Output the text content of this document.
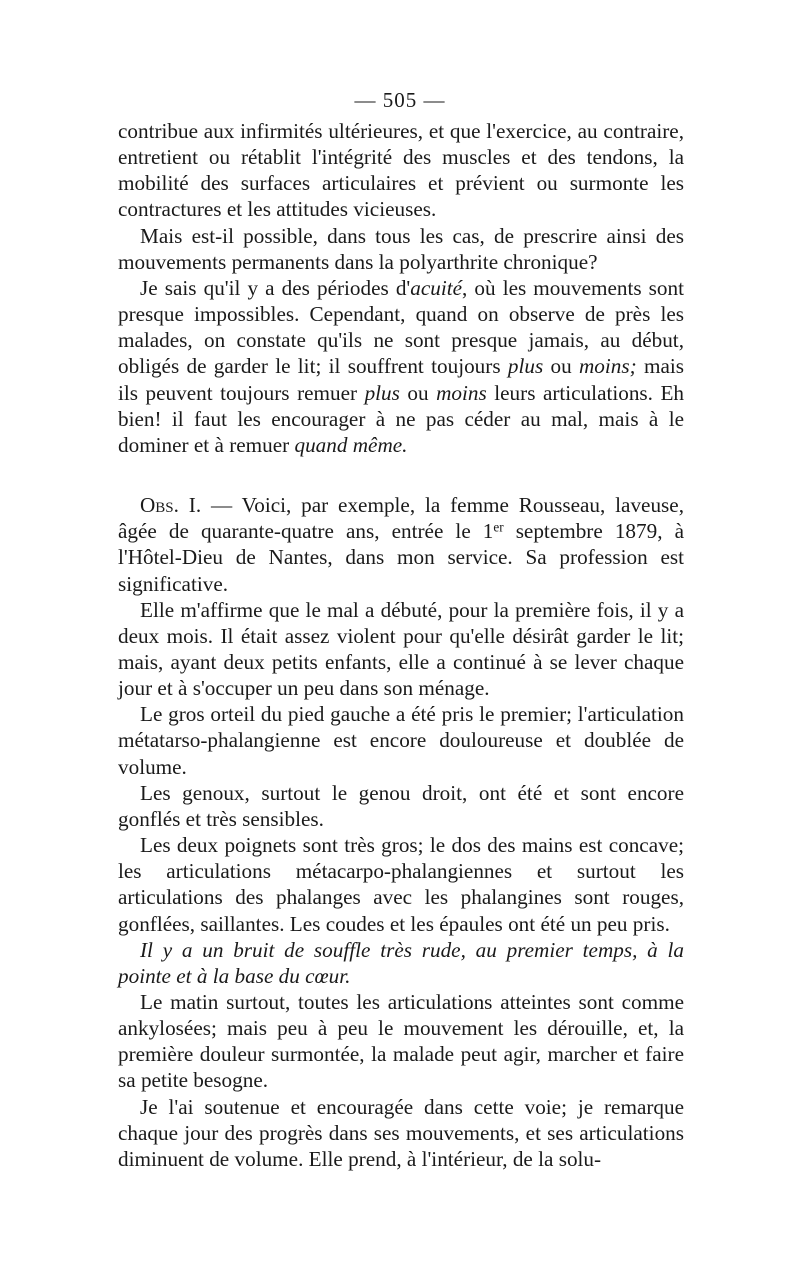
— 505 —

contribue aux infirmités ultérieures, et que l'exercice, au contraire, entretient ou rétablit l'intégrité des muscles et des tendons, la mobilité des surfaces articulaires et prévient ou surmonte les contractures et les attitudes vicieuses.

Mais est-il possible, dans tous les cas, de prescrire ainsi des mouvements permanents dans la polyarthrite chronique?

Je sais qu'il y a des périodes d'acuité, où les mouvements sont presque impossibles. Cependant, quand on observe de près les malades, on constate qu'ils ne sont presque jamais, au début, obligés de garder le lit; il souffrent toujours plus ou moins; mais ils peuvent toujours remuer plus ou moins leurs articulations. Eh bien! il faut les encourager à ne pas céder au mal, mais à le dominer et à remuer quand même.

Obs. I. — Voici, par exemple, la femme Rousseau, laveuse, âgée de quarante-quatre ans, entrée le 1er septembre 1879, à l'Hôtel-Dieu de Nantes, dans mon service. Sa profession est significative.

Elle m'affirme que le mal a débuté, pour la première fois, il y a deux mois. Il était assez violent pour qu'elle désirât garder le lit; mais, ayant deux petits enfants, elle a continué à se lever chaque jour et à s'occuper un peu dans son ménage.

Le gros orteil du pied gauche a été pris le premier; l'articulation métatarso-phalangienne est encore douloureuse et doublée de volume.

Les genoux, surtout le genou droit, ont été et sont encore gonflés et très sensibles.

Les deux poignets sont très gros; le dos des mains est concave; les articulations métacarpo-phalangiennes et surtout les articulations des phalanges avec les phalangines sont rouges, gonflées, saillantes. Les coudes et les épaules ont été un peu pris.

Il y a un bruit de souffle très rude, au premier temps, à la pointe et à la base du cœur.

Le matin surtout, toutes les articulations atteintes sont comme ankylosées; mais peu à peu le mouvement les dérouille, et, la première douleur surmontée, la malade peut agir, marcher et faire sa petite besogne.

Je l'ai soutenue et encouragée dans cette voie; je remarque chaque jour des progrès dans ses mouvements, et ses articulations diminuent de volume. Elle prend, à l'intérieur, de la solu-
